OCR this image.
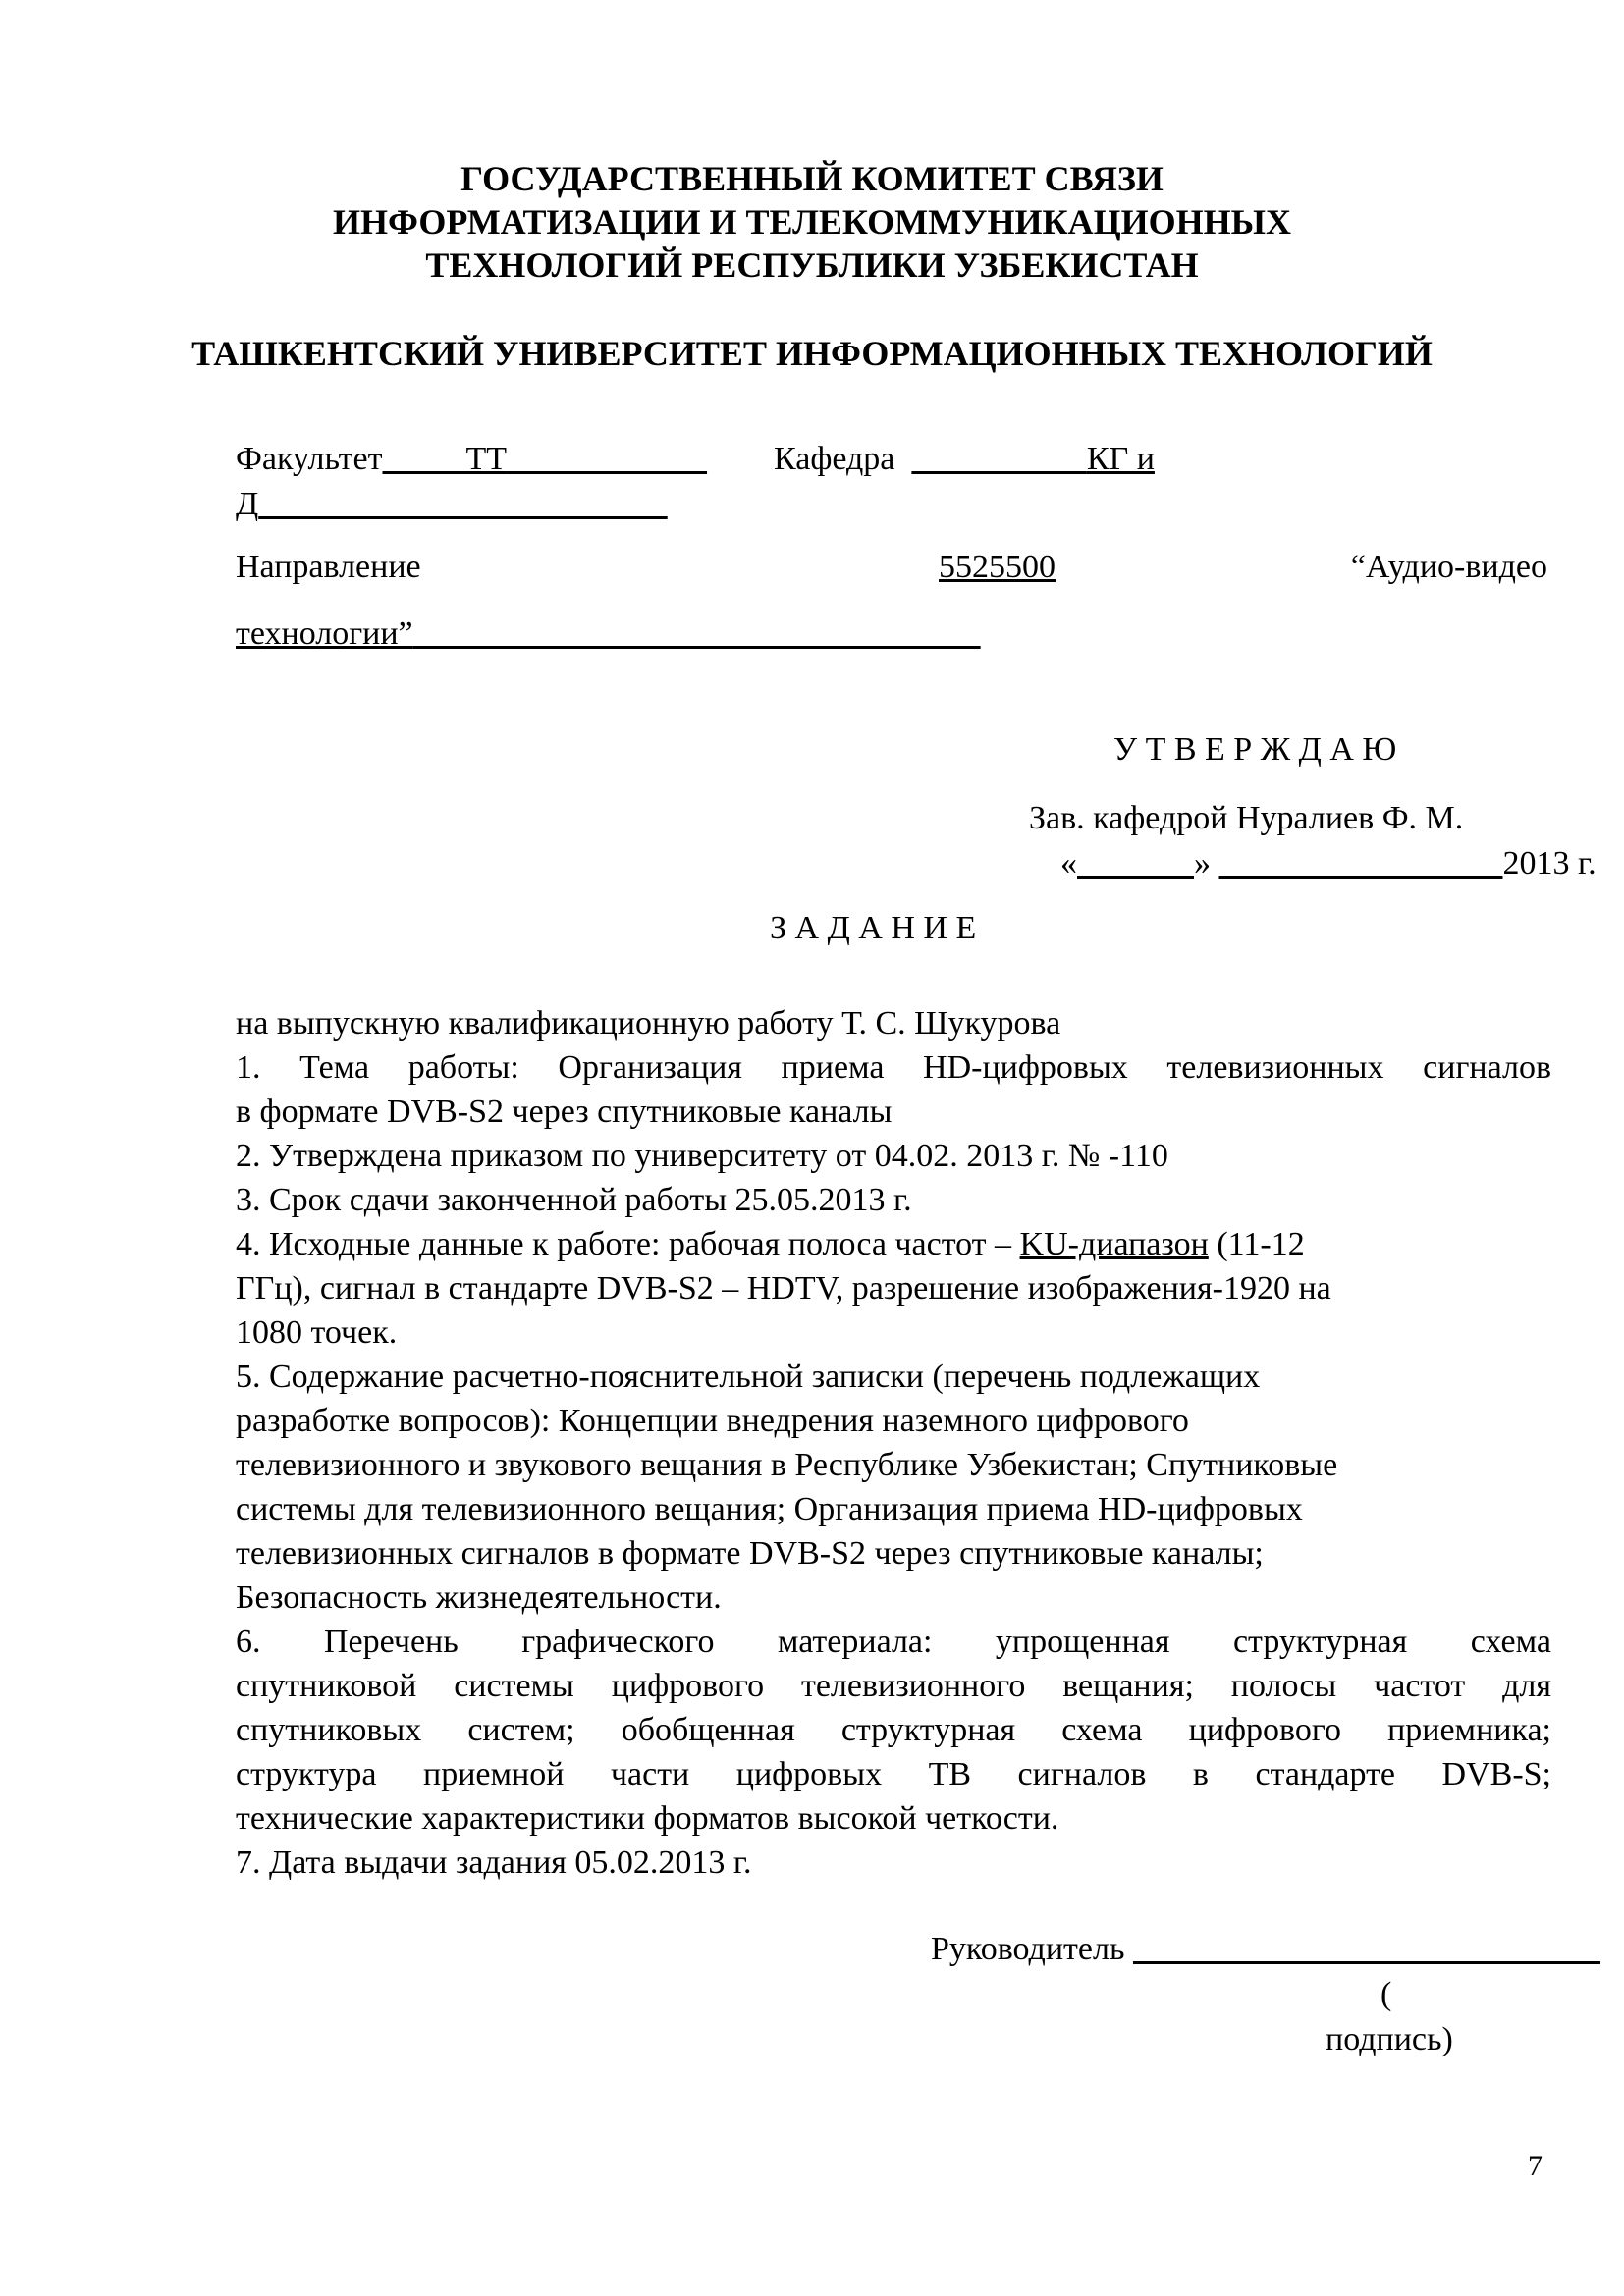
ГОСУДАРСТВЕННЫЙ КОМИТЕТ СВЯЗИ
ИНФОРМАТИЗАЦИИ И ТЕЛЕКОММУНИКАЦИОННЫХ
ТЕХНОЛОГИЙ РЕСПУБЛИКИ УЗБЕКИСТАН
ТАШКЕНТСКИЙ УНИВЕРСИТЕТ ИНФОРМАЦИОННЫХ ТЕХНОЛОГИЙ
Факультет	ТТ	Кафедра	КГ и
Д
Направление	5525500	“Аудио-видео
технологии”
У Т В Е Р Ж Д А Ю
Зав. кафедрой Нуралиев Ф. М.
«	»	2013 г.
З А Д А Н И Е
на выпускную квалификационную работу Т. С. Шукурова
1. Тема работы: Организация приема HD-цифровых телевизионных сигналов
в формате DVB-S2 через спутниковые каналы
2. Утверждена приказом по университету от 04.02. 2013 г. № -110
3. Срок сдачи законченной работы 25.05.2013 г.
4. Исходные данные к работе: рабочая полоса частот – KU-диапазон (11-12
ГГц), сигнал в стандарте DVB-S2 – HDTV, разрешение изображения-1920 на
1080 точек.
5. Содержание расчетно-пояснительной записки (перечень подлежащих
разработке вопросов): Концепции внедрения наземного цифрового
телевизионного и звукового вещания в Республике Узбекистан; Спутниковые
системы для телевизионного вещания; Организация приема HD-цифровых
телевизионных сигналов в формате DVB-S2 через спутниковые каналы;
Безопасность жизнедеятельности.
6. Перечень графического материала: упрощенная структурная схема
спутниковой системы цифрового телевизионного вещания; полосы частот для
спутниковых систем; обобщенная структурная схема цифрового приемника;
структура приемной части цифровых ТВ сигналов в стандарте DVB-S;
технические характеристики форматов высокой четкости.
7. Дата выдачи задания 05.02.2013 г.
Руководитель
(
подпись)
7
